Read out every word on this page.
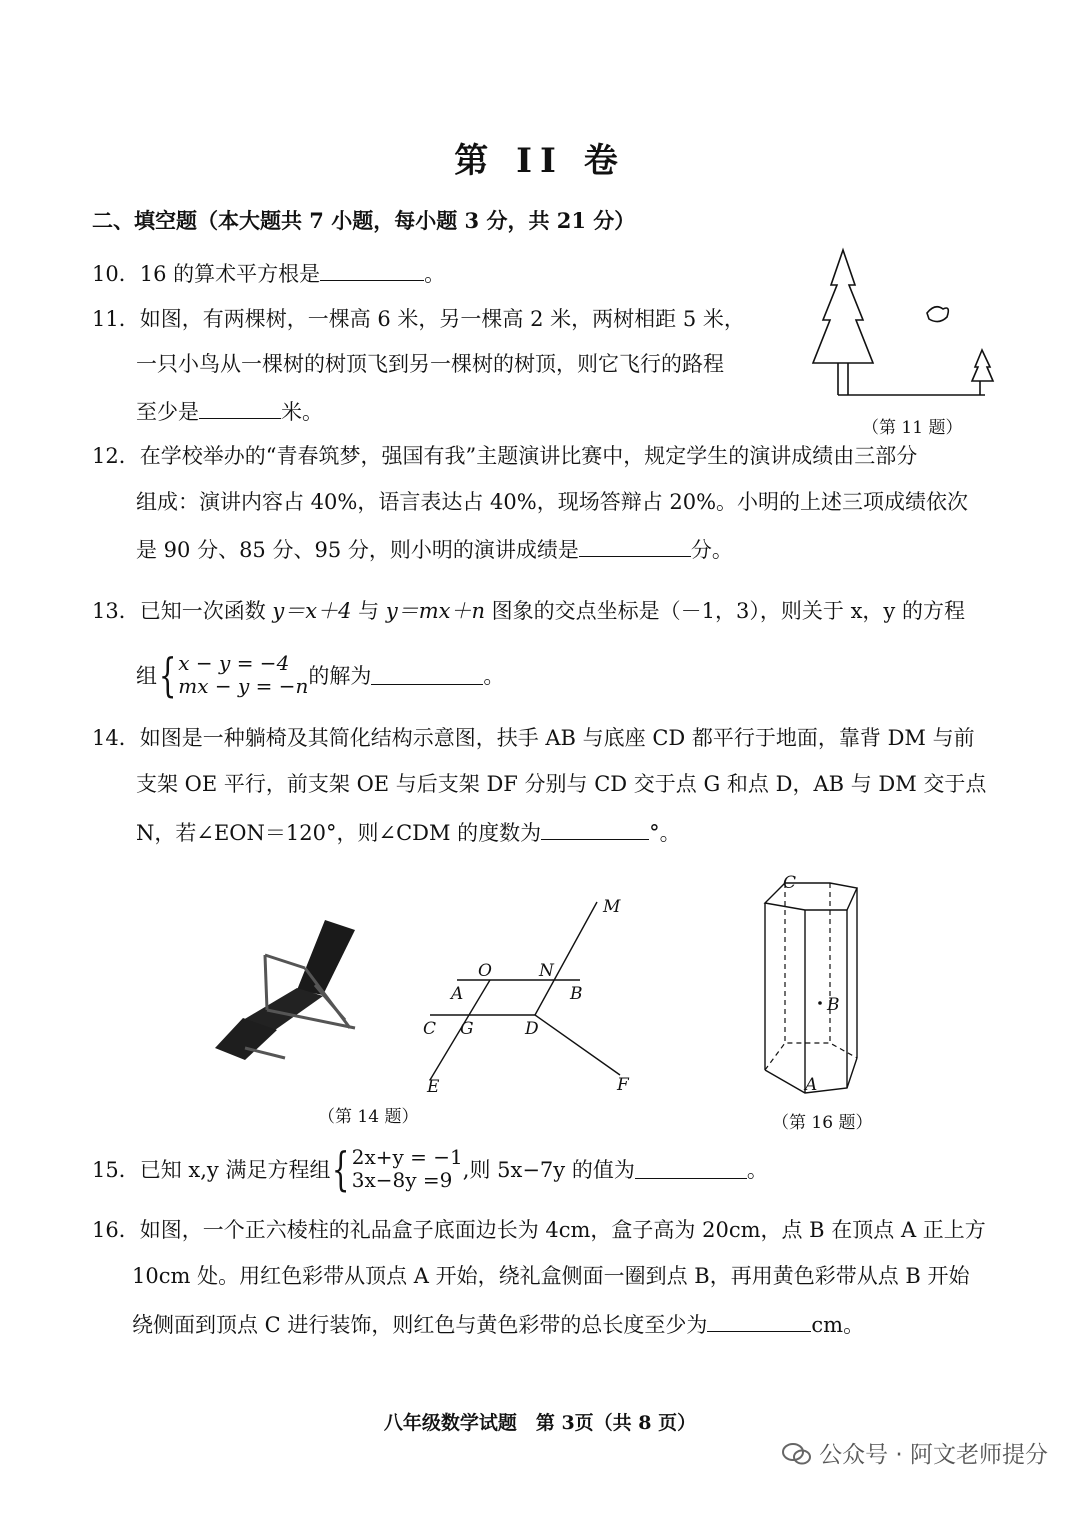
第 II 卷
二、填空题（本大题共 7 小题，每小题 3 分，共 21 分）
10．16 的算术平方根是	。
11．如图，有两棵树，一棵高 6 米，另一棵高 2 米，两树相距 5 米，
一只小鸟从一棵树的树顶飞到另一棵树的树顶，则它飞行的路程
至少是	米。
（第 11 题）
12．在学校举办的“青春筑梦，强国有我”主题演讲比赛中，规定学生的演讲成绩由三部分
组成：演讲内容占 40%，语言表达占 40%，现场答辩占 20%。小明的上述三项成绩依次
是 90 分、85 分、95 分，则小明的演讲成绩是	分。
13．已知一次函数 y＝x＋4 与 y＝mx＋n 图象的交点坐标是（－1，3），则关于 x，y 的方程
组{x − y = −4
mx − y = −n的解为	。
14．如图是一种躺椅及其简化结构示意图，扶手 AB 与底座 CD 都平行于地面，靠背 DM 与前
支架 OE 平行，前支架 OE 与后支架 DF 分别与 CD 交于点 G 和点 D，AB 与 DM 交于点
N，若∠EON＝120°，则∠CDM 的度数为	°。
M
O	N
A	B
C G	D
E	F
（第 14 题）
C
B
A
（第 16 题）
15．已知 x,y 满足方程组{2x+y = −1
3x−8y =9 ,则 5x−7y 的值为	。
16．如图，一个正六棱柱的礼品盒子底面边长为 4cm，盒子高为 20cm，点 B 在顶点 A 正上方
10cm 处。用红色彩带从顶点 A 开始，绕礼盒侧面一圈到点 B，再用黄色彩带从点 B 开始
绕侧面到顶点 C 进行装饰，则红色与黄色彩带的总长度至少为	cm。
八年级数学试题　第 3页（共 8 页）
公众号 · 阿文老师提分
